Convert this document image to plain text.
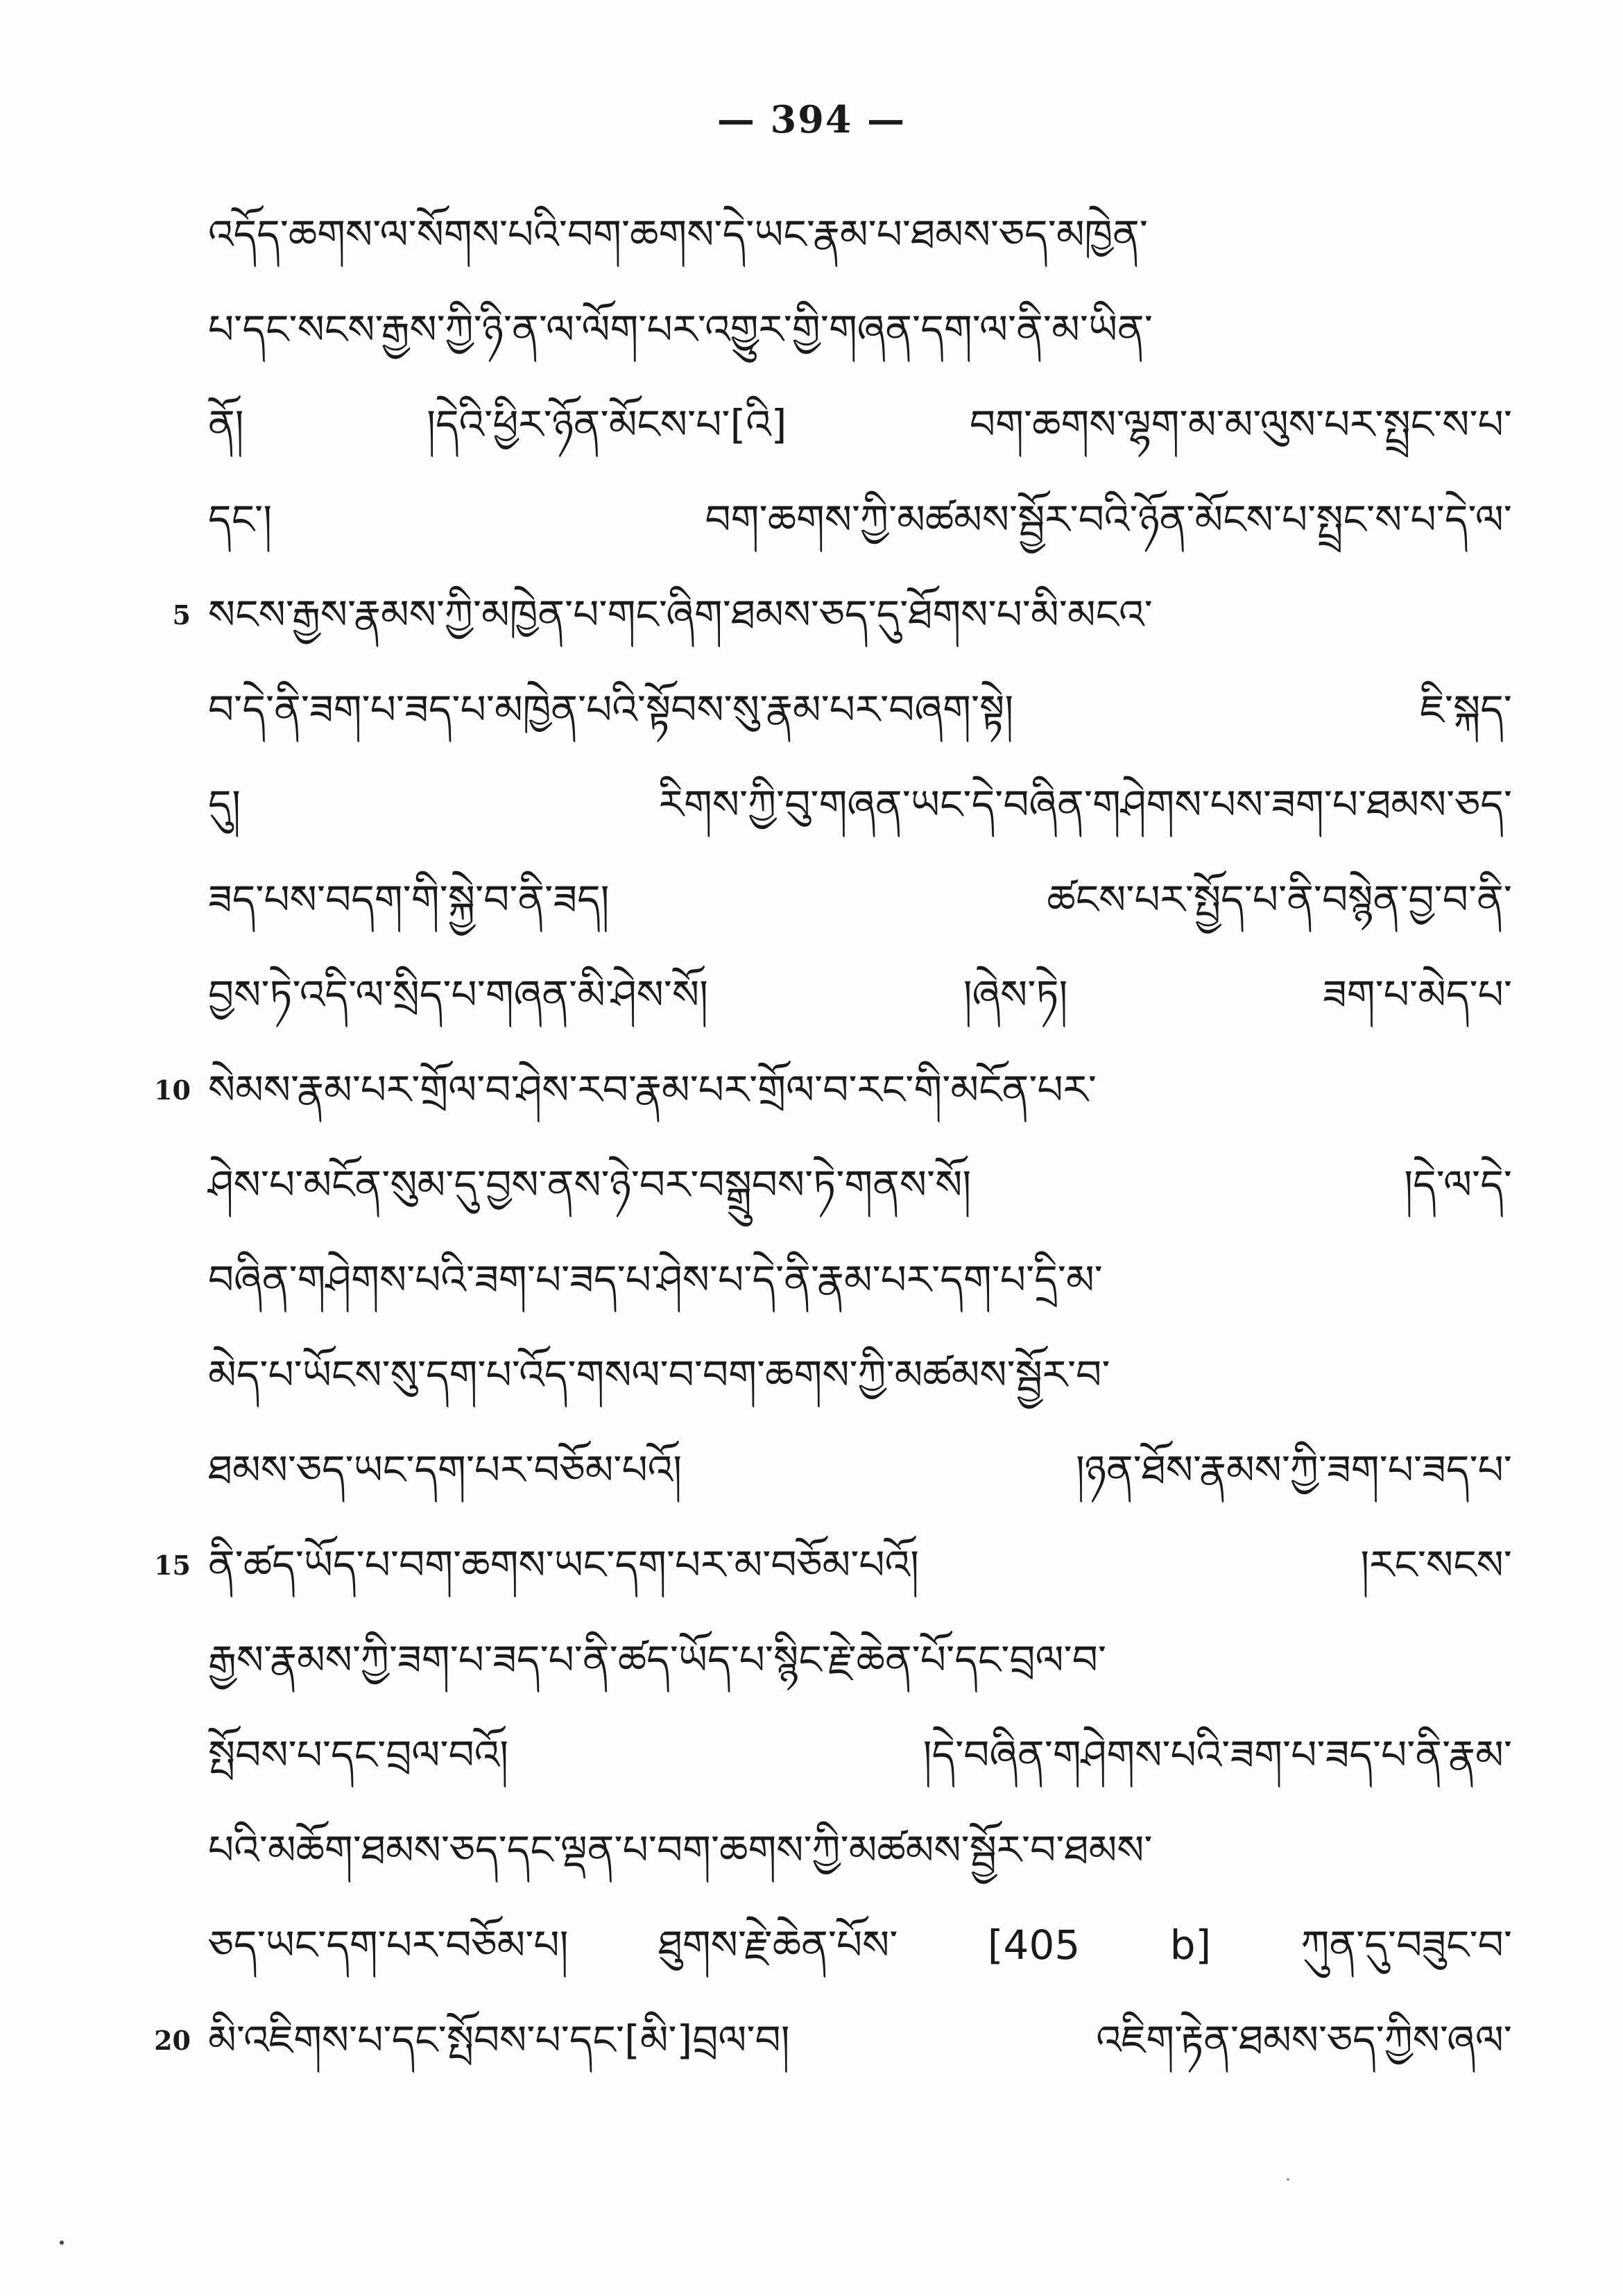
— 394 —
འདོད་ཆགས་ལ་སོགས་པའི་བག་ཆགས་དེ་ཡང་རྣམ་པ་ཐམས་ཅད་མཁྱེན་
པ་དང་སངས་རྒྱས་ཀྱི་ཉི་ན་ལ་ལོག་པར་འགྱུར་གྱི་གཞན་དག་ལ་ནི་མ་ཡིན་
ནོ། །དེའི་ཕྱིར་ཉོན་མོངས་པ་[འི] བག་ཆགས་ལྷག་མ་མ་ལུས་པར་སྤྲང་ས་པ་
དང་། བག་ཆགས་ཀྱི་མཚམས་སྦྱོར་བའི་ཉོན་མོངས་པ་སྤྲང་ས་པ་དེ་ལ་
5 སངས་རྒྱས་རྣམས་ཀྱི་མཁྱེན་པ་གང་ཞིག་ཐམས་ཅད་དུ་ཐོགས་པ་མི་མངའ་
བ་དེ་ནི་ཟག་པ་ཟད་པ་མཁྱེན་པའི་སྟོབས་སུ་རྣམ་པར་བཞག་སྟེ། ཇི་སྐད་
དུ། རིགས་ཀྱི་བུ་གཞན་ཡང་དེ་བཞིན་གཤེགས་པས་ཟག་པ་ཐམས་ཅད་
ཟད་པས་བདག་གི་སྐྱེ་བ་ནི་ཟད། ཚངས་པར་སྤྱོད་པ་ནི་བསྙེན་བྱ་བ་ནི་
བྱས་ཏེ་འདི་ལ་སྲིད་པ་གཞན་མི་ཤེས་སོ། །ཞེས་ཏེ། ཟག་པ་མེད་པ་
10 སེམས་རྣམ་པར་གྲོལ་བ་ཤེས་རབ་རྣམ་པར་གྲོལ་བ་རང་གི་མངོན་པར་
ཤེས་པ་མངོན་སུམ་དུ་བྱས་ནས་ཉེ་བར་བསྒྲུབས་ཏེ་གནས་སོ། །དེ་ལ་དེ་
བཞིན་གཤེགས་པའི་ཟག་པ་ཟད་པ་ཤེས་པ་དེ་ནི་རྣམ་པར་དག་པ་དྲི་མ་
མེད་པ་ཡོངས་སུ་དག་པ་འོད་གསལ་བ་བག་ཆགས་ཀྱི་མཚམས་སྦྱོར་བ་
ཐམས་ཅད་ཡང་དག་པར་བཅོམ་པའོ། །ཉན་ཐོས་རྣམས་ཀྱི་ཟག་པ་ཟད་པ་
15 ནི་ཚད་ཡོད་པ་བག་ཆགས་ཡང་དག་པར་མ་བཅོམ་པའོ། །རང་སངས་
རྒྱས་རྣམས་ཀྱི་ཟག་པ་ཟད་པ་ནི་ཚད་ཡོད་པ་སྙིང་རྗེ་ཆེན་པོ་དང་བྲལ་བ་
སྤོབས་པ་དང་བྲལ་བའོ། །དེ་བཞིན་གཤེགས་པའི་ཟག་པ་ཟད་པ་ནི་རྣམ་
པའི་མཆོག་ཐམས་ཅད་དང་ལྡན་པ་བག་ཆགས་ཀྱི་མཚམས་སྦྱོར་བ་ཐམས་
ཅད་ཡང་དག་པར་བཅོམ་པ། ཐུགས་རྗེ་ཆེན་པོས་ [405 b] ཀུན་དུ་བཟུང་བ་
20 མི་འཇིགས་པ་དང་སྤོབས་པ་དང་[མི་]བྲལ་བ། འཇིག་རྟེན་ཐམས་ཅད་ཀྱིས་ཞལ་
